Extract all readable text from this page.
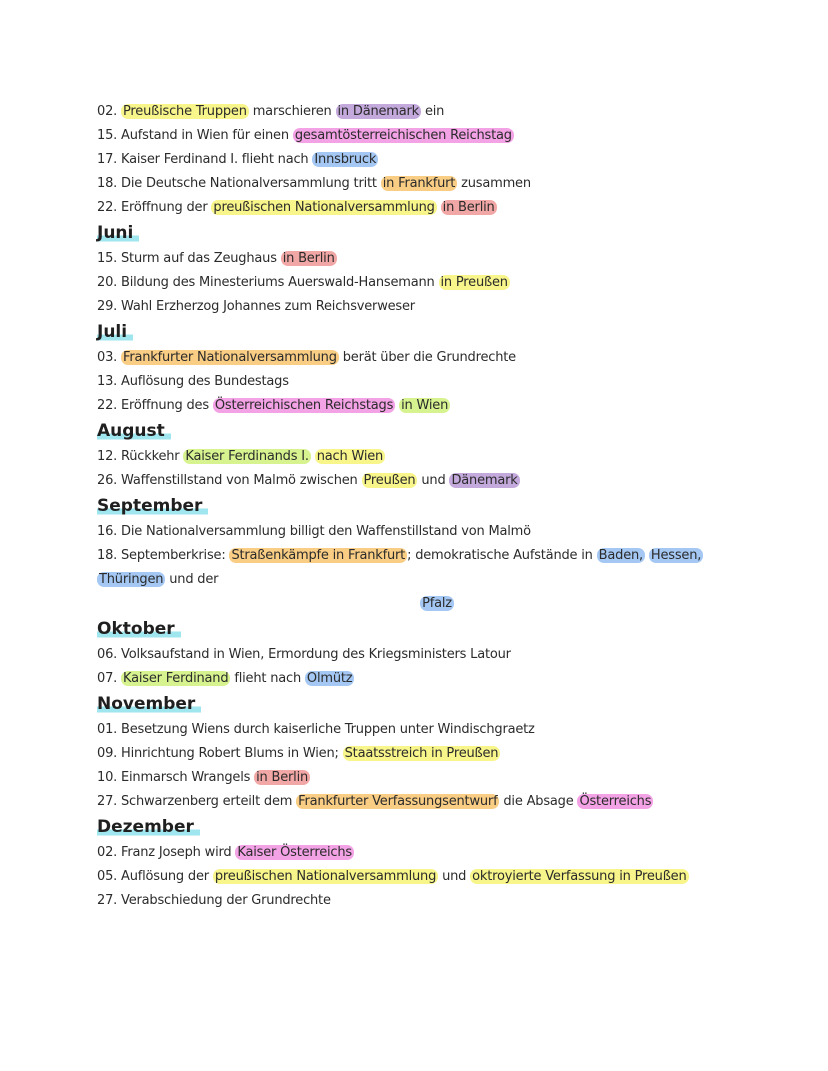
02. Preußische Truppen marschieren in Dänemark ein
15. Aufstand in Wien für einen gesamtösterreichischen Reichstag
17. Kaiser Ferdinand I. flieht nach Innsbruck
18. Die Deutsche Nationalversammlung tritt in Frankfurt zusammen
22. Eröffnung der preußischen Nationalversammlung in Berlin
Juni
15. Sturm auf das Zeughaus in Berlin
20. Bildung des Minesteriums Auerswald-Hansemann in Preußen
29. Wahl Erzherzog Johannes zum Reichsverweser
Juli
03. Frankfurter Nationalversammlung berät über die Grundrechte
13. Auflösung des Bundestags
22. Eröffnung des Österreichischen Reichstags in Wien
August
12. Rückkehr Kaiser Ferdinands I. nach Wien
26. Waffenstillstand von Malmö zwischen Preußen und Dänemark
September
16. Die Nationalversammlung billigt den Waffenstillstand von Malmö
18. Septemberkrise: Straßenkämpfe in Frankfurt ; demokratische Aufstände in Baden, Hessen, Thüringen und der
Pfalz
Oktober
06. Volksaufstand in Wien, Ermordung des Kriegsministers Latour
07. Kaiser Ferdinand flieht nach Olmütz
November
01. Besetzung Wiens durch kaiserliche Truppen unter Windischgraetz
09. Hinrichtung Robert Blums in Wien; Staatsstreich in Preußen
10. Einmarsch Wrangels in Berlin
27. Schwarzenberg erteilt dem Frankfurter Verfassungsentwurf die Absage Österreichs
Dezember
02. Franz Joseph wird Kaiser Österreichs
05. Auflösung der preußischen Nationalversammlung und oktroyierte Verfassung in Preußen
27. Verabschiedung der Grundrechte
